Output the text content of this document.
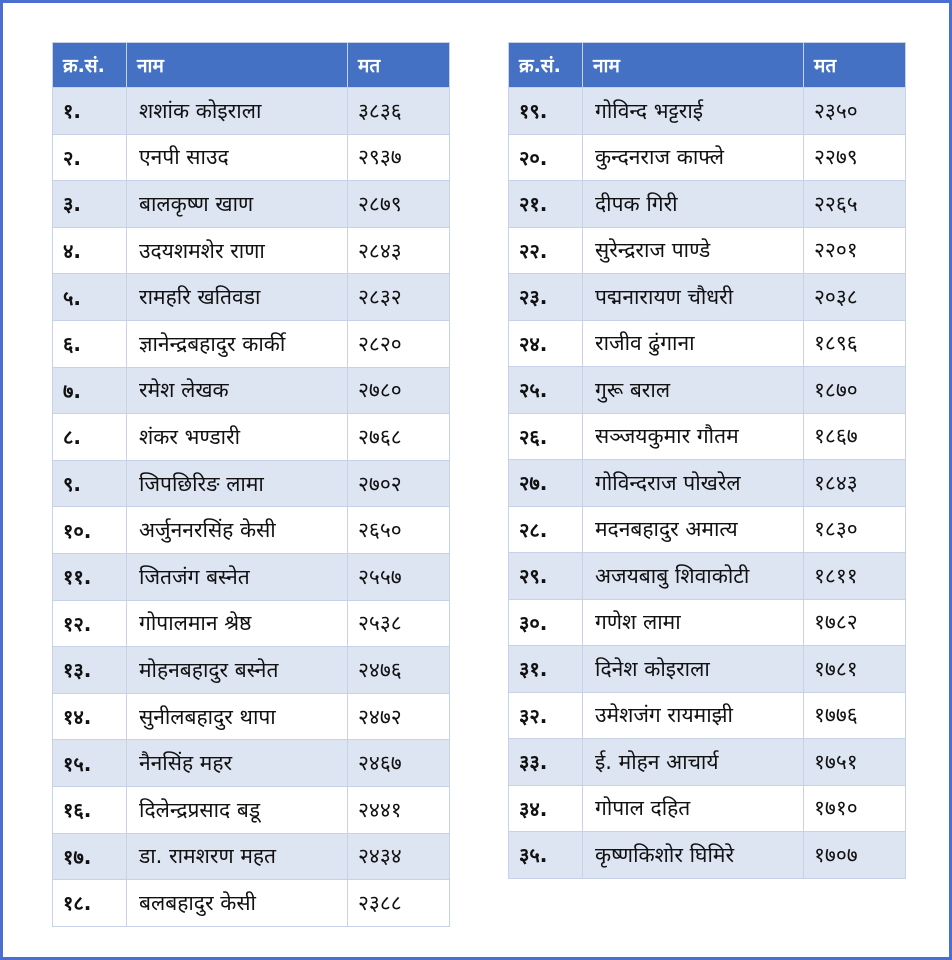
क्र.सं.	नाम	मत
१.	शशांक कोइराला	३८३६
२.	एनपी साउद	२९३७
३.	बालकृष्ण खाण	२८७९
४.	उदयशमशेर राणा	२८४३
५.	रामहरि खतिवडा	२८३२
६.	ज्ञानेन्द्रबहादुर कार्की	२८२०
७.	रमेश लेखक	२७८०
८.	शंकर भण्डारी	२७६८
९.	जिपछिरिङ लामा	२७०२
१०.	अर्जुननरसिंह केसी	२६५०
११.	जितजंग बस्नेत	२५५७
१२.	गोपालमान श्रेष्ठ	२५३८
१३.	मोहनबहादुर बस्नेत	२४७६
१४.	सुनीलबहादुर थापा	२४७२
१५.	नैनसिंह महर	२४६७
१६.	दिलेन्द्रप्रसाद बडू	२४४१
१७.	डा. रामशरण महत	२४३४
१८.	बलबहादुर केसी	२३८८
क्र.सं.	नाम	मत
१९.	गोविन्द भट्टराई	२३५०
२०.	कुन्दनराज काफ्ले	२२७९
२१.	दीपक गिरी	२२६५
२२.	सुरेन्द्रराज पाण्डे	२२०१
२३.	पद्मनारायण चौधरी	२०३८
२४.	राजीव ढुंगाना	१८९६
२५.	गुरू बराल	१८७०
२६.	सञ्जयकुमार गौतम	१८६७
२७.	गोविन्दराज पोखरेल	१८४३
२८.	मदनबहादुर अमात्य	१८३०
२९.	अजयबाबु शिवाकोटी	१८११
३०.	गणेश लामा	१७८२
३१.	दिनेश कोइराला	१७८१
३२.	उमेशजंग रायमाझी	१७७६
३३.	ई. मोहन आचार्य	१७५१
३४.	गोपाल दहित	१७१०
३५.	कृष्णकिशोर घिमिरे	१७०७
